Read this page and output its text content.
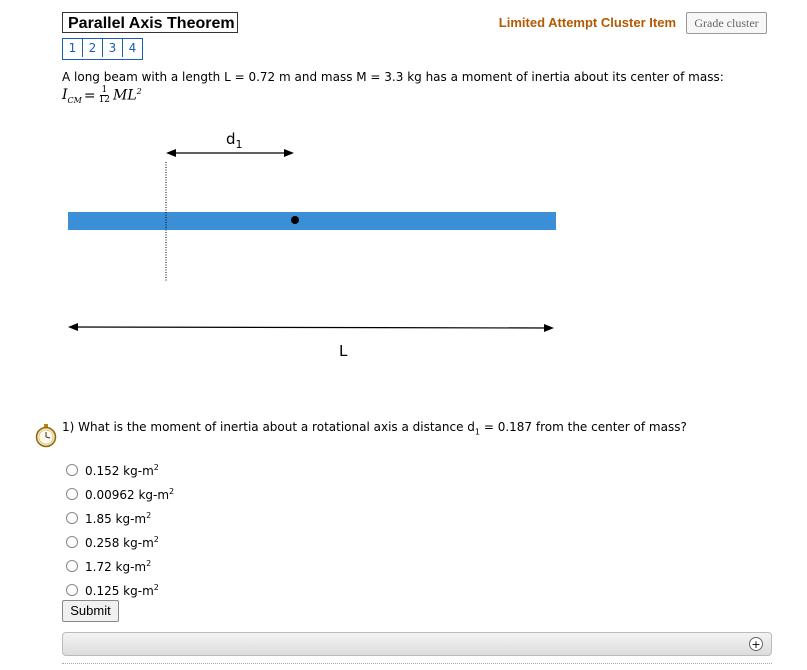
Parallel Axis Theorem
1	2	3	4
Limited Attempt Cluster Item	Grade cluster
A long beam with a length L = 0.72 m and mass M = 3.3 kg has a moment of inertia about its center of mass:
$I_{CM} = \frac{1}{12} ML^2$
$d_1$
L
1) What is the moment of inertia about a rotational axis a distance $d_1 = 0.187$ from the center of mass?
0.152 $kg-m^2$
0.00962 $kg-m^2$
1.85 $kg-m^2$
0.258 $kg-m^2$
1.72 $kg-m^2$
0.125 $kg-m^2$
Submit
+
